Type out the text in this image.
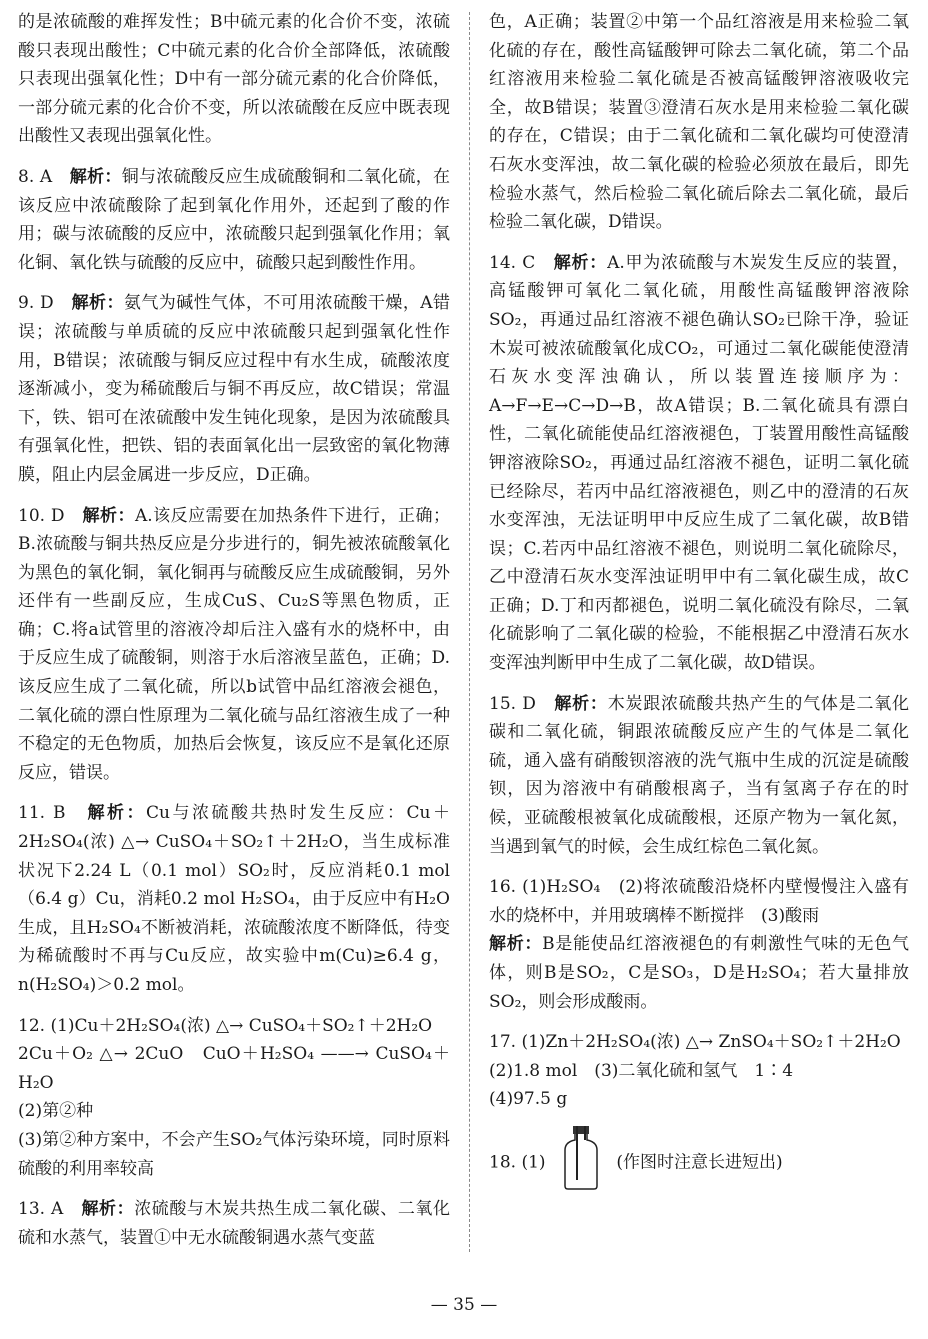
的是浓硫酸的难挥发性；B中硫元素的化合价不变，浓硫酸只表现出酸性；C中硫元素的化合价全部降低，浓硫酸只表现出强氧化性；D中有一部分硫元素的化合价降低，一部分硫元素的化合价不变，所以浓硫酸在反应中既表现出酸性又表现出强氧化性。

8. A　 解析：铜与浓硫酸反应生成硫酸铜和二氧化硫，在该反应中浓硫酸除了起到氧化作用外，还起到了酸的作用；碳与浓硫酸的反应中，浓硫酸只起到强氧化作用；氧化铜、氧化铁与硫酸的反应中，硫酸只起到酸性作用。

9. D　 解析：氨气为碱性气体，不可用浓硫酸干燥，A错误；浓硫酸与单质硫的反应中浓硫酸只起到强氧化性作用，B错误；浓硫酸与铜反应过程中有水生成，硫酸浓度逐渐减小，变为稀硫酸后与铜不再反应，故C错误；常温下，铁、铝可在浓硫酸中发生钝化现象，是因为浓硫酸具有强氧化性，把铁、铝的表面氧化出一层致密的氧化物薄膜，阻止内层金属进一步反应，D正确。

10. D　 解析：A.该反应需要在加热条件下进行，正确；B.浓硫酸与铜共热反应是分步进行的，铜先被浓硫酸氧化为黑色的氧化铜，氧化铜再与硫酸反应生成硫酸铜，另外还伴有一些副反应，生成CuS、Cu₂S等黑色物质，正确；C.将a试管里的溶液冷却后注入盛有水的烧杯中，由于反应生成了硫酸铜，则溶于水后溶液呈蓝色，正确；D.该反应生成了二氧化硫，所以b试管中品红溶液会褪色，二氧化硫的漂白性原理为二氧化硫与品红溶液生成了一种不稳定的无色物质，加热后会恢复，该反应不是氧化还原反应，错误。

11. B　 解析：Cu与浓硫酸共热时发生反应：Cu＋2H₂SO₄(浓) △→ CuSO₄＋SO₂↑＋2H₂O，当生成标准状况下2.24 L（0.1 mol）SO₂时，反应消耗0.1 mol（6.4 g）Cu，消耗0.2 mol H₂SO₄，由于反应中有H₂O生成，且H₂SO₄不断被消耗，浓硫酸浓度不断降低，待变为稀硫酸时不再与Cu反应，故实验中m(Cu)≥6.4 g，n(H₂SO₄)＞0.2 mol。

12. (1)Cu＋2H₂SO₄(浓) △→ CuSO₄＋SO₂↑＋2H₂O

2Cu＋O₂ △→ 2CuO　CuO＋H₂SO₄ ——→ CuSO₄＋H₂O

(2)第②种

(3)第②种方案中，不会产生SO₂气体污染环境，同时原料硫酸的利用率较高

13. A　 解析：浓硫酸与木炭共热生成二氧化碳、二氧化硫和水蒸气，装置①中无水硫酸铜遇水蒸气变蓝

色，A正确；装置②中第一个品红溶液是用来检验二氧化硫的存在，酸性高锰酸钾可除去二氧化硫，第二个品红溶液用来检验二氧化硫是否被高锰酸钾溶液吸收完全，故B错误；装置③澄清石灰水是用来检验二氧化碳的存在，C错误；由于二氧化硫和二氧化碳均可使澄清石灰水变浑浊，故二氧化碳的检验必须放在最后，即先检验水蒸气，然后检验二氧化硫后除去二氧化硫，最后检验二氧化碳，D错误。

14. C　 解析：A.甲为浓硫酸与木炭发生反应的装置，高锰酸钾可氧化二氧化硫，用酸性高锰酸钾溶液除SO₂，再通过品红溶液不褪色确认SO₂已除干净，验证木炭可被浓硫酸氧化成CO₂，可通过二氧化碳能使澄清石灰水变浑浊确认，所以装置连接顺序为：A→F→E→C→D→B，故A错误；B.二氧化硫具有漂白性，二氧化硫能使品红溶液褪色，丁装置用酸性高锰酸钾溶液除SO₂，再通过品红溶液不褪色，证明二氧化硫已经除尽，若丙中品红溶液褪色，则乙中的澄清的石灰水变浑浊，无法证明甲中反应生成了二氧化碳，故B错误；C.若丙中品红溶液不褪色，则说明二氧化硫除尽，乙中澄清石灰水变浑浊证明甲中有二氧化碳生成，故C正确；D.丁和丙都褪色，说明二氧化硫没有除尽，二氧化硫影响了二氧化碳的检验，不能根据乙中澄清石灰水变浑浊判断甲中生成了二氧化碳，故D错误。

15. D　 解析：木炭跟浓硫酸共热产生的气体是二氧化碳和二氧化硫，铜跟浓硫酸反应产生的气体是二氧化硫，通入盛有硝酸钡溶液的洗气瓶中生成的沉淀是硫酸钡，因为溶液中有硝酸根离子，当有氢离子存在的时候，亚硫酸根被氧化成硫酸根，还原产物为一氧化氮，当遇到氧气的时候，会生成红棕色二氧化氮。

16. (1)H₂SO₄　(2)将浓硫酸沿烧杯内壁慢慢注入盛有水的烧杯中，并用玻璃棒不断搅拌　(3)酸雨

解析：B是能使品红溶液褪色的有刺激性气味的无色气体，则B是SO₂，C是SO₃，D是H₂SO₄；若大量排放SO₂，则会形成酸雨。

17. (1)Zn＋2H₂SO₄(浓) △→ ZnSO₄＋SO₂↑＋2H₂O

(2)1.8 mol　(3)二氧化硫和氢气　1∶4

(4)97.5 g

18. (1)	(作图时注意长进短出)

— 35 —
